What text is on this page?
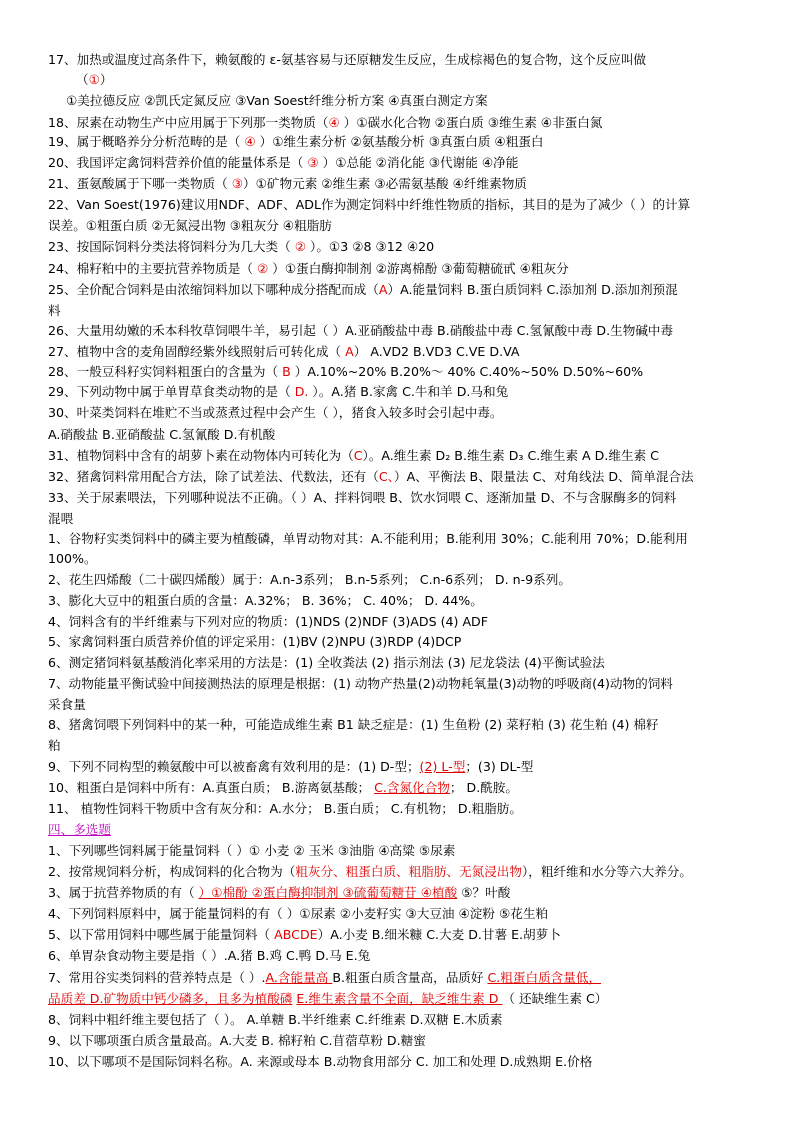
17、加热或温度过高条件下，赖氨酸的 ε-氨基容易与还原糖发生反应，生成棕褐色的复合物，这个反应叫做
（①）
①美拉德反应 ②凯氏定氮反应 ③Van Soest纤维分析方案 ④真蛋白测定方案
18、尿素在动物生产中应用属于下列那一类物质（④ ）①碳水化合物 ②蛋白质 ③维生素 ④非蛋白氮
19、属于概略养分分析范畴的是（ ④ ）①维生素分析 ②氨基酸分析 ③真蛋白质 ④粗蛋白
20、我国评定禽饲料营养价值的能量体系是（ ③ ）①总能 ②消化能 ③代谢能 ④净能
21、蛋氨酸属于下哪一类物质（ ③）①矿物元素 ②维生素 ③必需氨基酸 ④纤维素物质
22、Van Soest(1976)建议用NDF、ADF、ADL作为测定饲料中纤维性物质的指标，其目的是为了减少（ ）的计算
误差。①粗蛋白质 ②无氮浸出物 ③粗灰分 ④粗脂肪
23、按国际饲料分类法将饲料分为几大类（ ② ）。①3 ②8 ③12 ④20
24、棉籽粕中的主要抗营养物质是（ ② ）①蛋白酶抑制剂 ②游离棉酚 ③葡萄糖硫甙 ④粗灰分
25、全价配合饲料是由浓缩饲料加以下哪种成分搭配而成（A）A.能量饲料 B.蛋白质饲料 C.添加剂 D.添加剂预混
料
26、大量用幼嫩的禾本科牧草饲喂牛羊，易引起（ ）A.亚硝酸盐中毒 B.硝酸盐中毒 C.氢氰酸中毒 D.生物碱中毒
27、植物中含的麦角固醇经紫外线照射后可转化成（ A） A.VD2 B.VD3 C.VE D.VA
28、一般豆科籽实饲料粗蛋白的含量为（ B ）A.10%~20% B.20%～ 40% C.40%~50% D.50%~60%
29、下列动物中属于单胃草食类动物的是（ D. ）。A.猪 B.家禽 C.牛和羊 D.马和兔
30、叶菜类饲料在堆贮不当或蒸煮过程中会产生（ ），猪食入较多时会引起中毒。
A.硝酸盐 B.亚硝酸盐 C.氢氰酸 D.有机酸
31、植物饲料中含有的胡萝卜素在动物体内可转化为（C）。A.维生素 D₂ B.维生素 D₃ C.维生素 A D.维生素 C
32、猪禽饲料常用配合方法，除了试差法、代数法，还有（C、）A、平衡法 B、限量法 C、对角线法 D、简单混合法
33、关于尿素喂法，下列哪种说法不正确。（ ）A、拌料饲喂 B、饮水饲喂 C、逐渐加量 D、不与含脲酶多的饲料
混喂
1、谷物籽实类饲料中的磷主要为植酸磷，单胃动物对其：A.不能利用；B.能利用 30%；C.能利用 70%；D.能利用
100%。
2、花生四烯酸（二十碳四烯酸）属于：A.n-3系列； B.n-5系列； C.n-6系列； D. n-9系列。
3、膨化大豆中的粗蛋白质的含量：A.32%； B. 36%； C. 40%； D. 44%。
4、饲料含有的半纤维素与下列对应的物质：(1)NDS (2)NDF (3)ADS (4) ADF
5、家禽饲料蛋白质营养价值的评定采用：(1)BV (2)NPU (3)RDP (4)DCP
6、测定猪饲料氨基酸消化率采用的方法是：(1) 全收粪法 (2) 指示剂法 (3) 尼龙袋法 (4)平衡试验法
7、动物能量平衡试验中间接测热法的原理是根据：(1) 动物产热量(2)动物耗氧量(3)动物的呼吸商(4)动物的饲料
采食量
8、猪禽饲喂下列饲料中的某一种，可能造成维生素 B1 缺乏症是：(1) 生鱼粉 (2) 菜籽粕 (3) 花生粕 (4) 棉籽
粕
9、下列不同构型的赖氨酸中可以被畜禽有效利用的是：(1) D-型；(2) L-型；(3) DL-型
10、粗蛋白是饲料中所有：A.真蛋白质； B.游离氨基酸； C.含氮化合物； D.酰胺。
11、 植物性饲料干物质中含有灰分和：A.水分； B.蛋白质； C.有机物； D.粗脂肪。
四、多选题
1、下列哪些饲料属于能量饲料（ ）① 小麦 ② 玉米 ③油脂 ④高粱 ⑤尿素
2、按常规饲料分析，构成饲料的化合物为（粗灰分、粗蛋白质、粗脂肪、无氮浸出物），粗纤维和水分等六大养分。
3、属于抗营养物质的有（ ）①棉酚 ②蛋白酶抑制剂 ③硫葡萄糖苷 ④植酸 ⑤？叶酸
4、下列饲料原料中，属于能量饲料的有（ ）①尿素 ②小麦籽实 ③大豆油 ④淀粉 ⑤花生粕
5、以下常用饲料中哪些属于能量饲料（ ABCDE）A.小麦 B.细米糠 C.大麦 D.甘薯 E.胡萝卜
6、单胃杂食动物主要是指（ ）.A.猪 B.鸡 C.鸭 D.马 E.兔
7、常用谷实类饲料的营养特点是（ ）.A.含能量高 B.粗蛋白质含量高，品质好 C.粗蛋白质含量低，
品质差 D.矿物质中钙少磷多，且多为植酸磷 E.维生素含量不全面，缺乏维生素 D （ 还缺维生素 C）
8、饲料中粗纤维主要包括了（ ）。 A.单糖 B.半纤维素 C.纤维素 D.双糖 E.木质素
9、以下哪项蛋白质含量最高。A.大麦 B. 棉籽粕 C.苜蓿草粉 D.糖蜜
10、以下哪项不是国际饲料名称。A. 来源或母本 B.动物食用部分 C. 加工和处理 D.成熟期 E.价格
